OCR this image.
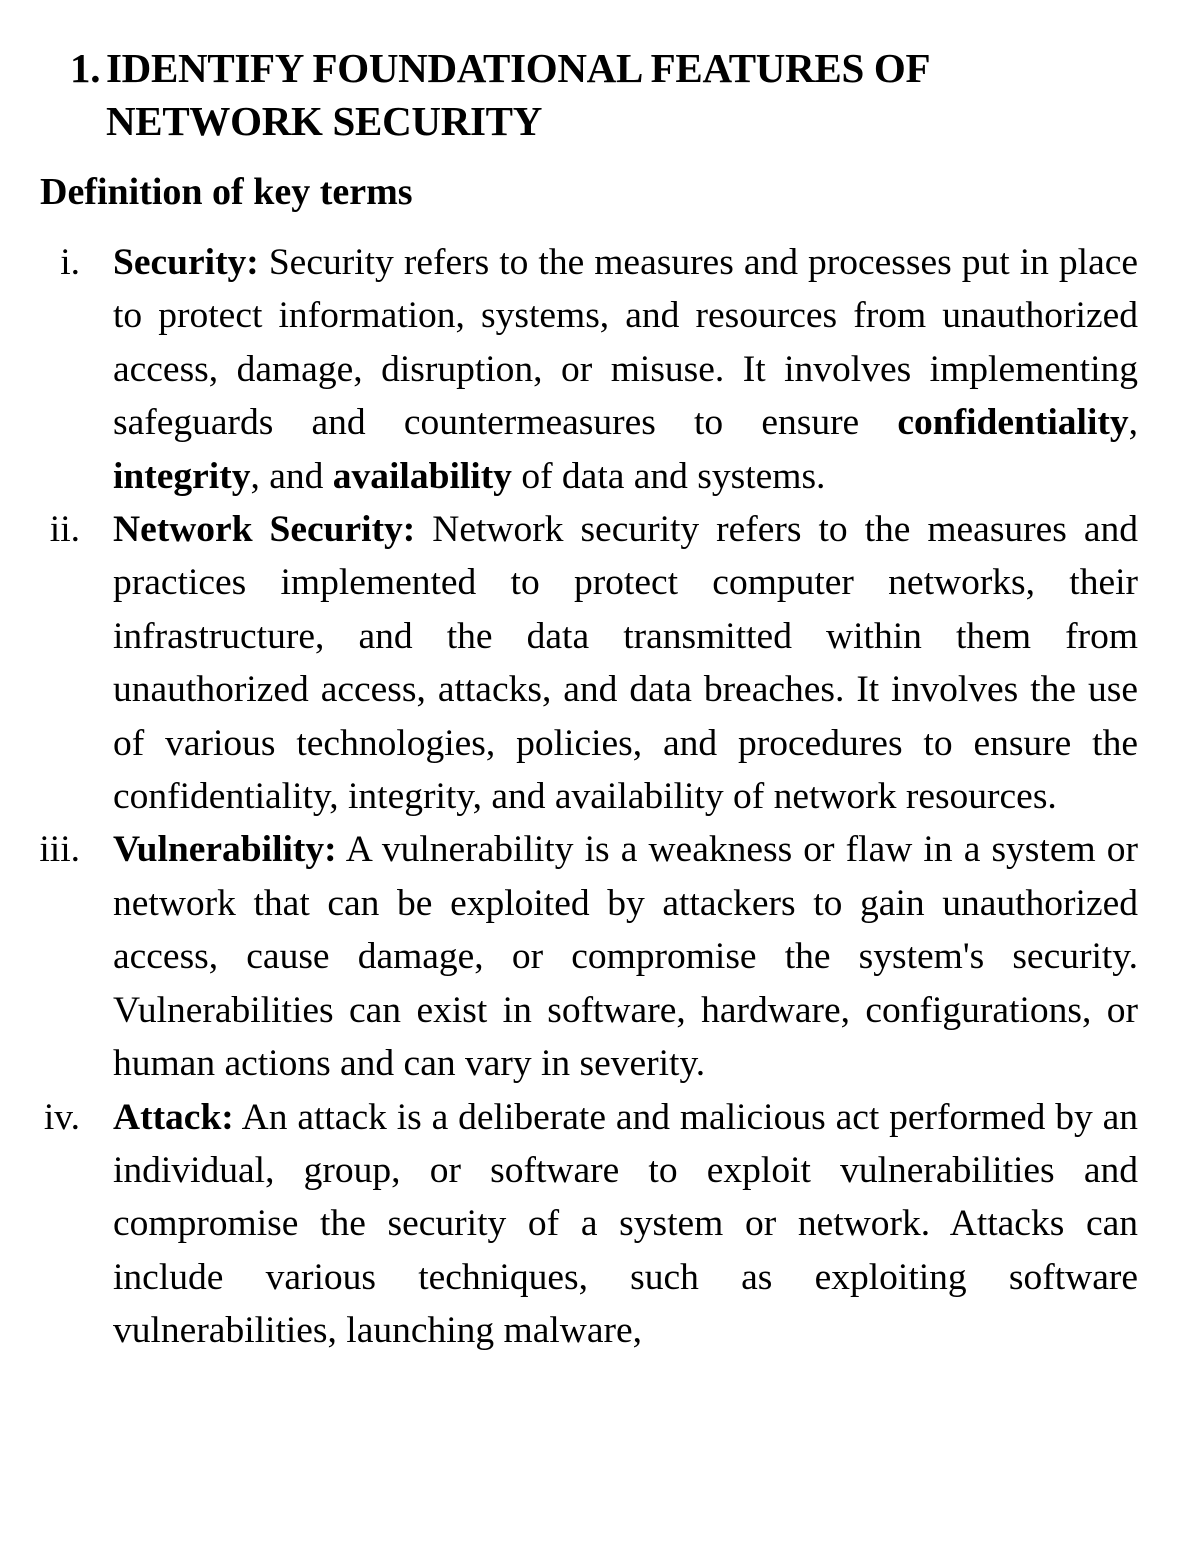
1. IDENTIFY FOUNDATIONAL FEATURES OF NETWORK SECURITY
Definition of key terms
i. Security: Security refers to the measures and processes put in place to protect information, systems, and resources from unauthorized access, damage, disruption, or misuse. It involves implementing safeguards and countermeasures to ensure confidentiality, integrity, and availability of data and systems.
ii. Network Security: Network security refers to the measures and practices implemented to protect computer networks, their infrastructure, and the data transmitted within them from unauthorized access, attacks, and data breaches. It involves the use of various technologies, policies, and procedures to ensure the confidentiality, integrity, and availability of network resources.
iii. Vulnerability: A vulnerability is a weakness or flaw in a system or network that can be exploited by attackers to gain unauthorized access, cause damage, or compromise the system's security. Vulnerabilities can exist in software, hardware, configurations, or human actions and can vary in severity.
iv. Attack: An attack is a deliberate and malicious act performed by an individual, group, or software to exploit vulnerabilities and compromise the security of a system or network. Attacks can include various techniques, such as exploiting software vulnerabilities, launching malware,
